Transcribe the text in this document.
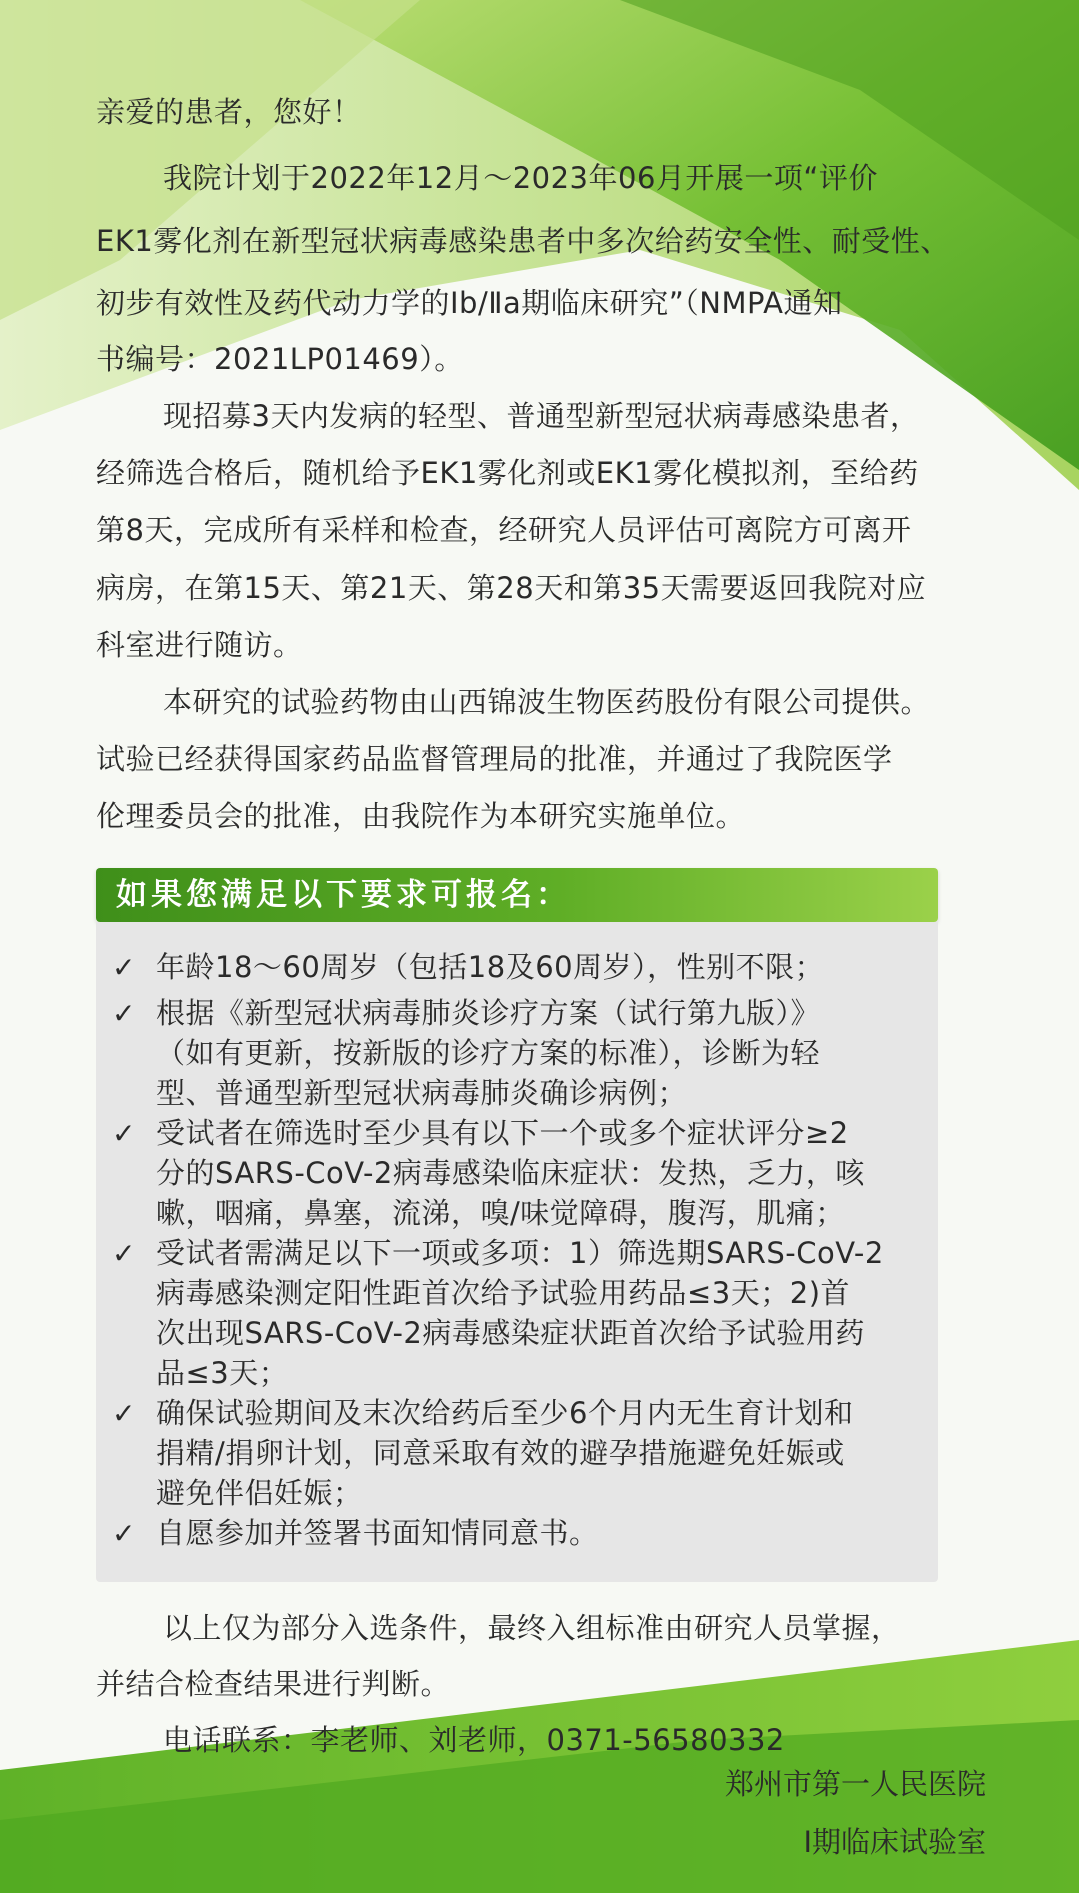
亲爱的患者，您好！
我院计划于2022年12月～2023年06月开展一项“评价
EK1雾化剂在新型冠状病毒感染患者中多次给药安全性、耐受性、
初步有效性及药代动力学的Ⅰb/Ⅱa期临床研究”（NMPA通知
书编号：2021LP01469）。
现招募3天内发病的轻型、普通型新型冠状病毒感染患者，
经筛选合格后，随机给予EK1雾化剂或EK1雾化模拟剂，至给药
第8天，完成所有采样和检查，经研究人员评估可离院方可离开
病房，在第15天、第21天、第28天和第35天需要返回我院对应
科室进行随访。
本研究的试验药物由山西锦波生物医药股份有限公司提供。
试验已经获得国家药品监督管理局的批准，并通过了我院医学
伦理委员会的批准，由我院作为本研究实施单位。
如果您满足以下要求可报名：
✓ 年龄18～60周岁（包括18及60周岁），性别不限；
✓ 根据《新型冠状病毒肺炎诊疗方案（试行第九版）》
（如有更新，按新版的诊疗方案的标准），诊断为轻
型、普通型新型冠状病毒肺炎确诊病例；
✓ 受试者在筛选时至少具有以下一个或多个症状评分≥2
分的SARS-CoV-2病毒感染临床症状：发热，乏力，咳
嗽，咽痛，鼻塞，流涕，嗅/味觉障碍，腹泻，肌痛；
✓ 受试者需满足以下一项或多项：1）筛选期SARS-CoV-2
病毒感染测定阳性距首次给予试验用药品≤3天；2)首
次出现SARS-CoV-2病毒感染症状距首次给予试验用药
品≤3天；
✓ 确保试验期间及末次给药后至少6个月内无生育计划和
捐精/捐卵计划，同意采取有效的避孕措施避免妊娠或
避免伴侣妊娠；
✓ 自愿参加并签署书面知情同意书。
以上仅为部分入选条件，最终入组标准由研究人员掌握，
并结合检查结果进行判断。
电话联系：李老师、刘老师，0371-56580332
郑州市第一人民医院
I期临床试验室
